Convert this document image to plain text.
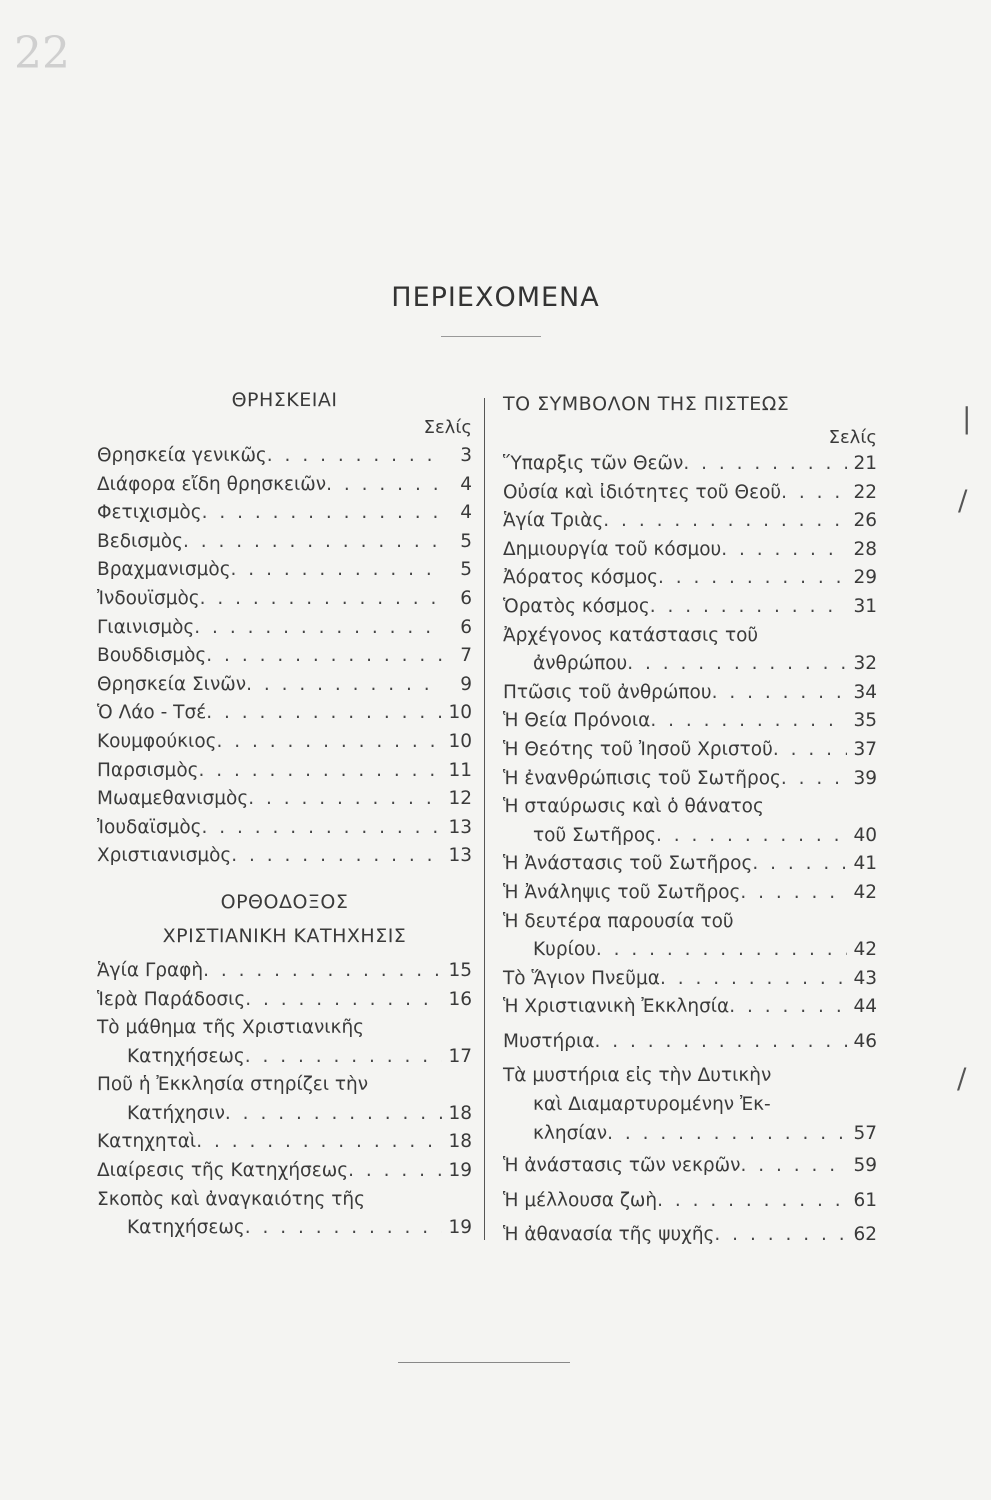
22
ΠΕΡΙΕΧΟΜΕΝΑ
ΘΡΗΣΚΕΙΑΙ
Σελίς
Θρησκεία γενικῶς . . .	3
Διάφορα εἴδη θρησκειῶν . . .	4
Φετιχισμὸς . . .	4
Βεδισμὸς . . .	5
Βραχμανισμὸς . . .	5
Ἰνδουϊσμὸς . . .	6
Γιαινισμὸς . . .	6
Βουδδισμὸς . . .	7
Θρησκεία Σινῶν . . .	9
Ὁ Λάο - Τσέ . . .	10
Κουμφούκιος . . .	10
Παρσισμὸς . . .	11
Μωαμεθανισμὸς . . .	12
Ἰουδαϊσμὸς . . .	13
Χριστιανισμὸς . . .	13
ΟΡΘΟΔΟΞΟΣ
ΧΡΙΣΤΙΑΝΙΚΗ ΚΑΤΗΧΗΣΙΣ
Ἁγία Γραφὴ . . .	15
Ἱερὰ Παράδοσις . . .	16
Τὸ μάθημα τῆς Χριστιανικῆς
Κατηχήσεως . . .	17
Ποῦ ἡ Ἐκκλησία στηρίζει τὴν
Κατήχησιν . . .	18
Κατηχηταὶ . . .	18
Διαίρεσις τῆς Κατηχήσεως . . .	19
Σκοπὸς καὶ ἀναγκαιότης τῆς
Κατηχήσεως . . .	19
ΤΟ ΣΥΜΒΟΛΟΝ ΤΗΣ ΠΙΣΤΕΩΣ
Σελίς
Ὕπαρξις τῶν Θεῶν . . .	21
Οὐσία καὶ ἰδιότητες τοῦ Θεοῦ . . .	22
Ἁγία Τριὰς . . .	26
Δημιουργία τοῦ κόσμου . . .	28
Ἀόρατος κόσμος . . .	29
Ὁρατὸς κόσμος . . .	31
Ἀρχέγονος κατάστασις τοῦ
ἀνθρώπου . . .	32
Πτῶσις τοῦ ἀνθρώπου . . .	34
Ἡ Θεία Πρόνοια . . .	35
Ἡ Θεότης τοῦ Ἰησοῦ Χριστοῦ . . .	37
Ἡ ἐνανθρώπισις τοῦ Σωτῆρος . . .	39
Ἡ σταύρωσις καὶ ὁ θάνατος
τοῦ Σωτῆρος . . .	40
Ἡ Ἀνάστασις τοῦ Σωτῆρος . . .	41
Ἡ Ἀνάληψις τοῦ Σωτῆρος . . .	42
Ἡ δευτέρα παρουσία τοῦ
Κυρίου . . .	42
Τὸ Ἅγιον Πνεῦμα . . .	43
Ἡ Χριστιανικὴ Ἐκκλησία . . .	44
Μυστήρια . . .	46
Τὰ μυστήρια εἰς τὴν Δυτικὴν
καὶ Διαμαρτυρομένην Ἐκ-
κλησίαν . . .	57
Ἡ ἀνάστασις τῶν νεκρῶν . . .	59
Ἡ μέλλουσα ζωὴ . . .	61
Ἡ ἀθανασία τῆς ψυχῆς . . .	62
|
/
/
